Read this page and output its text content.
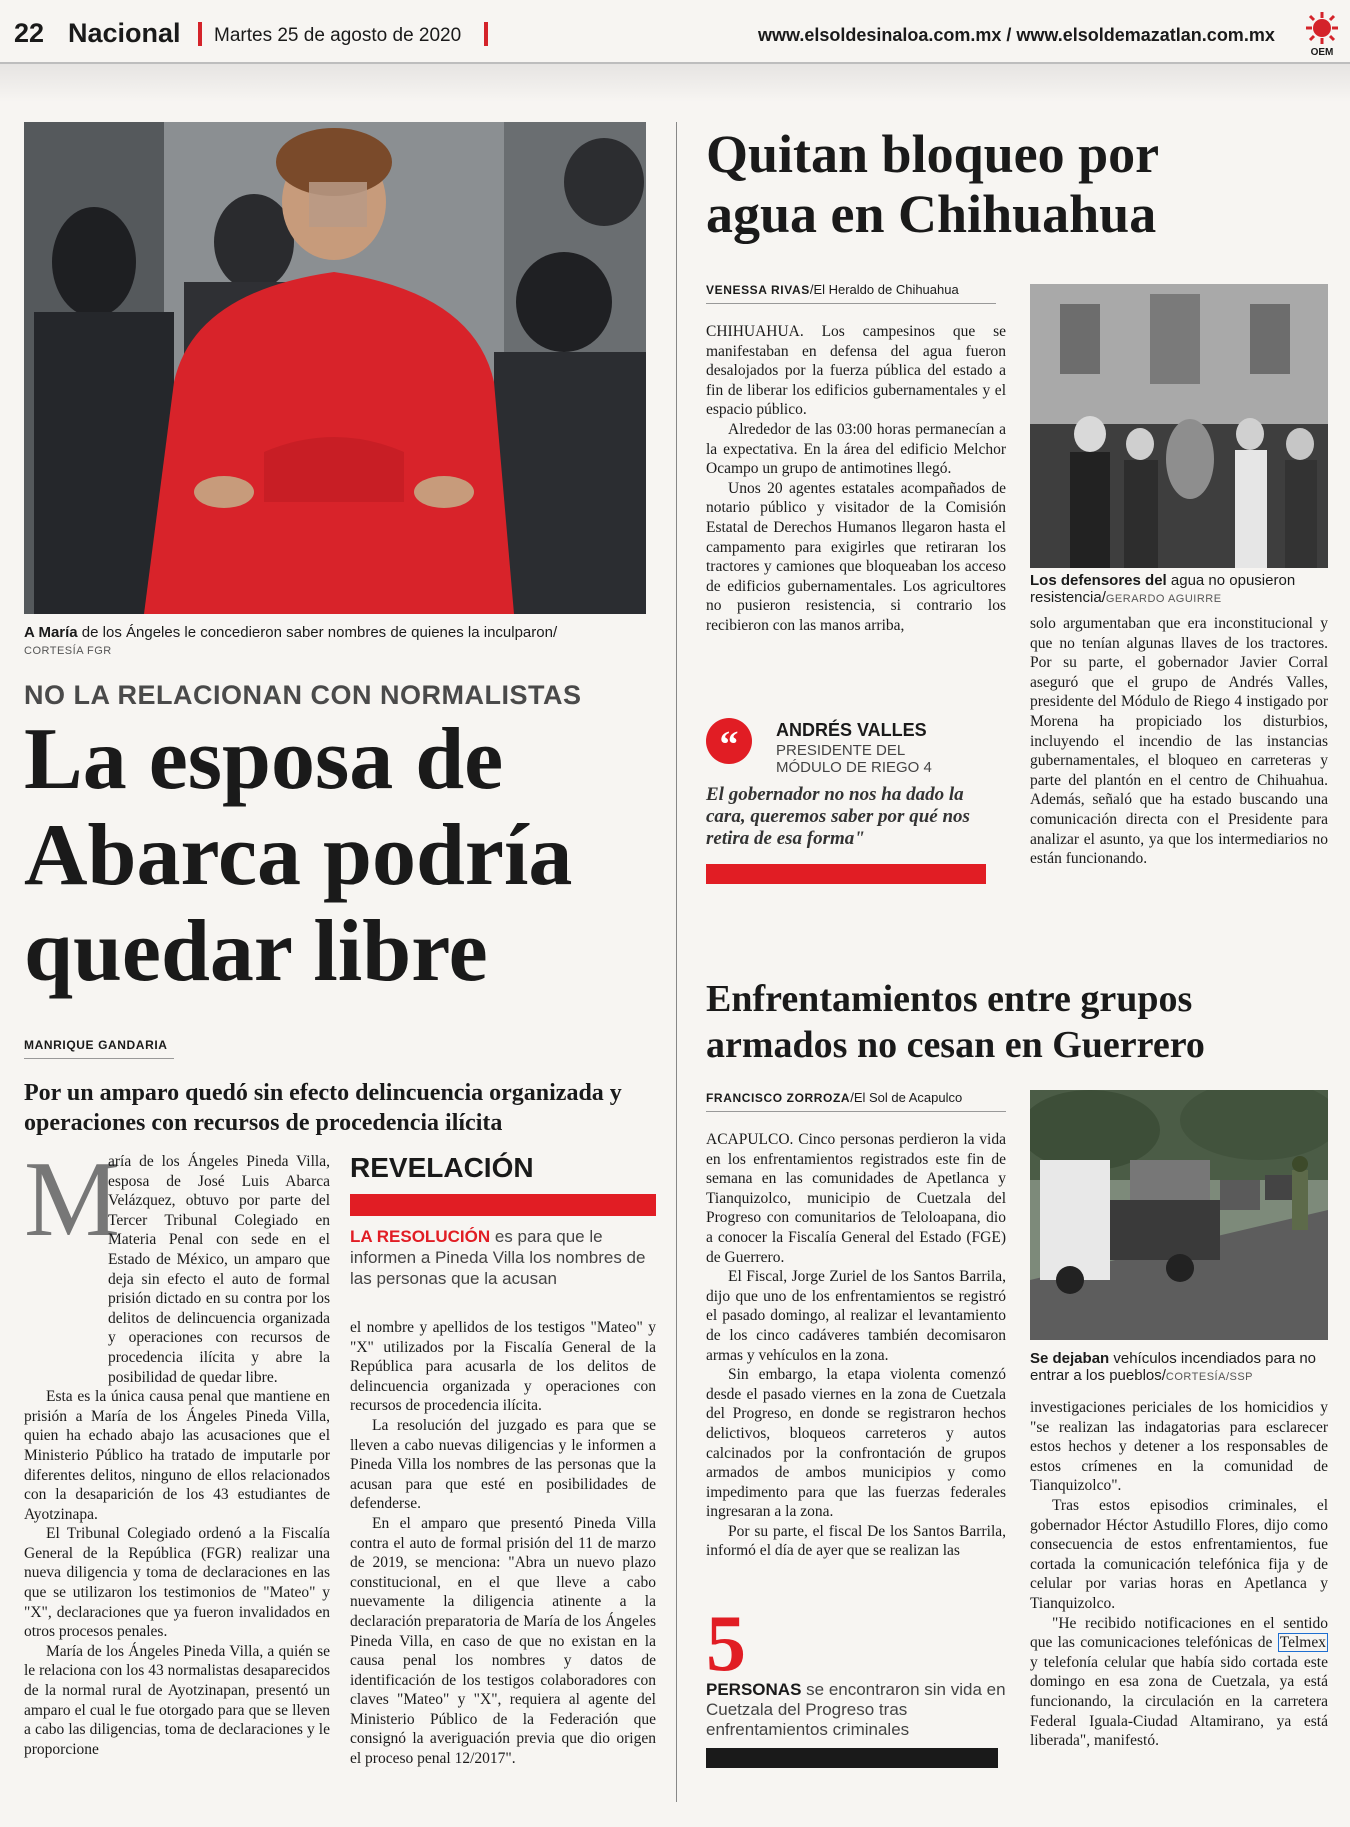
22 Nacional Martes 25 de agosto de 2020	www.elsoldesinaloa.com.mx / www.elsoldemazatlan.com.mx
OEM
A María de los Ángeles le concedieron saber nombres de quienes la inculparon/
CORTESÍA FGR
NO LA RELACIONAN CON NORMALISTAS
La esposa de
Abarca podría
quedar libre
MANRIQUE GANDARIA
Por un amparo quedó sin efecto delincuencia organizada y operaciones con recursos de procedencia ilícita
M

aría de los Ángeles Pineda Villa, esposa de José Luis Abarca Velázquez, obtuvo por parte del Tercer Tribunal Colegiado en Materia Penal con sede en el Estado de México, un amparo que deja sin efecto el auto de formal prisión dictado en su contra por los delitos de delincuencia organizada y operaciones con recursos de procedencia ilícita y abre la posibilidad de quedar libre.

Esta es la única causa penal que mantiene en prisión a María de los Ángeles Pineda Villa, quien ha echado abajo las acusaciones que el Ministerio Público ha tratado de imputarle por diferentes delitos, ninguno de ellos relacionados con la desaparición de los 43 estudiantes de Ayotzinapa.

El Tribunal Colegiado ordenó a la Fiscalía General de la República (FGR) realizar una nueva diligencia y toma de declaraciones en las que se utilizaron los testimonios de "Mateo" y "X", declaraciones que ya fueron invalidados en otros procesos penales.

María de los Ángeles Pineda Villa, a quién se le relaciona con los 43 normalistas desaparecidos de la normal rural de Ayotzinapan, presentó un amparo el cual le fue otorgado para que se lleven a cabo las diligencias, toma de declaraciones y le proporcione

REVELACIÓN
LA RESOLUCIÓN es para que le informen a Pineda Villa los nombres de las personas que la acusan

el nombre y apellidos de los testigos "Mateo" y "X" utilizados por la Fiscalía General de la República para acusarla de los delitos de delincuencia organizada y operaciones con recursos de procedencia ilícita.

La resolución del juzgado es para que se lleven a cabo nuevas diligencias y le informen a Pineda Villa los nombres de las personas que la acusan para que esté en posibilidades de defenderse.

En el amparo que presentó Pineda Villa contra el auto de formal prisión del 11 de marzo de 2019, se menciona: "Abra un nuevo plazo constitucional, en el que lleve a cabo nuevamente la diligencia atinente a la declaración preparatoria de María de los Ángeles Pineda Villa, en caso de que no existan en la causa penal los nombres y datos de identificación de los testigos colaboradores con claves "Mateo" y "X", requiera al agente del Ministerio Público de la Federación que consignó la averiguación previa que dio origen el proceso penal 12/2017".

Quitan bloqueo por
agua en Chihuahua
VENESSA RIVAS/El Heraldo de Chihuahua

CHIHUAHUA. Los campesinos que se manifestaban en defensa del agua fueron desalojados por la fuerza pública del estado a fin de liberar los edificios gubernamentales y el espacio público.

Alrededor de las 03:00 horas permanecían a la expectativa. En la área del edificio Melchor Ocampo un grupo de antimotines llegó.

Unos 20 agentes estatales acompañados de notario público y visitador de la Comisión Estatal de Derechos Humanos llegaron hasta el campamento para exigirles que retiraran los tractores y camiones que bloqueaban los acceso de edificios gubernamentales. Los agricultores no pusieron resistencia, si contrario los recibieron con las manos arriba,

Los defensores del agua no opusieron resistencia/GERARDO AGUIRRE

solo argumentaban que era inconstitucional y que no tenían algunas llaves de los tractores. Por su parte, el gobernador Javier Corral aseguró que el grupo de Andrés Valles, presidente del Módulo de Riego 4 instigado por Morena ha propiciado los disturbios, incluyendo el incendio de las instancias gubernamentales, el bloqueo en carreteras y parte del plantón en el centro de Chihuahua. Además, señaló que ha estado buscando una comunicación directa con el Presidente para analizar el asunto, ya que los intermediarios no están funcionando.

“	ANDRÉS VALLES
PRESIDENTE DEL MÓDULO DE RIEGO 4
El gobernador no nos ha dado la cara, queremos saber por qué nos retira de esa forma"
Enfrentamientos entre grupos
armados no cesan en Guerrero
FRANCISCO ZORROZA/El Sol de Acapulco

ACAPULCO. Cinco personas perdieron la vida en los enfrentamientos registrados este fin de semana en las comunidades de Apetlanca y Tianquizolco, municipio de Cuetzala del Progreso con comunitarios de Teloloapana, dio a conocer la Fiscalía General del Estado (FGE) de Guerrero.

El Fiscal, Jorge Zuriel de los Santos Barrila, dijo que uno de los enfrentamientos se registró el pasado domingo, al realizar el levantamiento de los cinco cadáveres también decomisaron armas y vehículos en la zona.

Sin embargo, la etapa violenta comenzó desde el pasado viernes en la zona de Cuetzala del Progreso, en donde se registraron hechos delictivos, bloqueos carreteros y autos calcinados por la confrontación de grupos armados de ambos municipios y como impedimento para que las fuerzas federales ingresaran a la zona.

Por su parte, el fiscal De los Santos Barrila, informó el día de ayer que se realizan las

Se dejaban vehículos incendiados para no entrar a los pueblos/CORTESÍA/SSP

investigaciones periciales de los homicidios y "se realizan las indagatorias para esclarecer estos hechos y detener a los responsables de estos crímenes en la comunidad de Tianquizolco".

Tras estos episodios criminales, el gobernador Héctor Astudillo Flores, dijo como consecuencia de estos enfrentamientos, fue cortada la comunicación telefónica fija y de celular por varias horas en Apetlanca y Tianquizolco.

"He recibido notificaciones en el sentido que las comunicaciones telefónicas de Telmex y telefonía celular que había sido cortada este domingo en esa zona de Cuetzala, ya está funcionando, la circulación en la carretera Federal Iguala-Ciudad Altamirano, ya está liberada", manifestó.

5
PERSONAS se encontraron sin vida en Cuetzala del Progreso tras enfrentamientos criminales
